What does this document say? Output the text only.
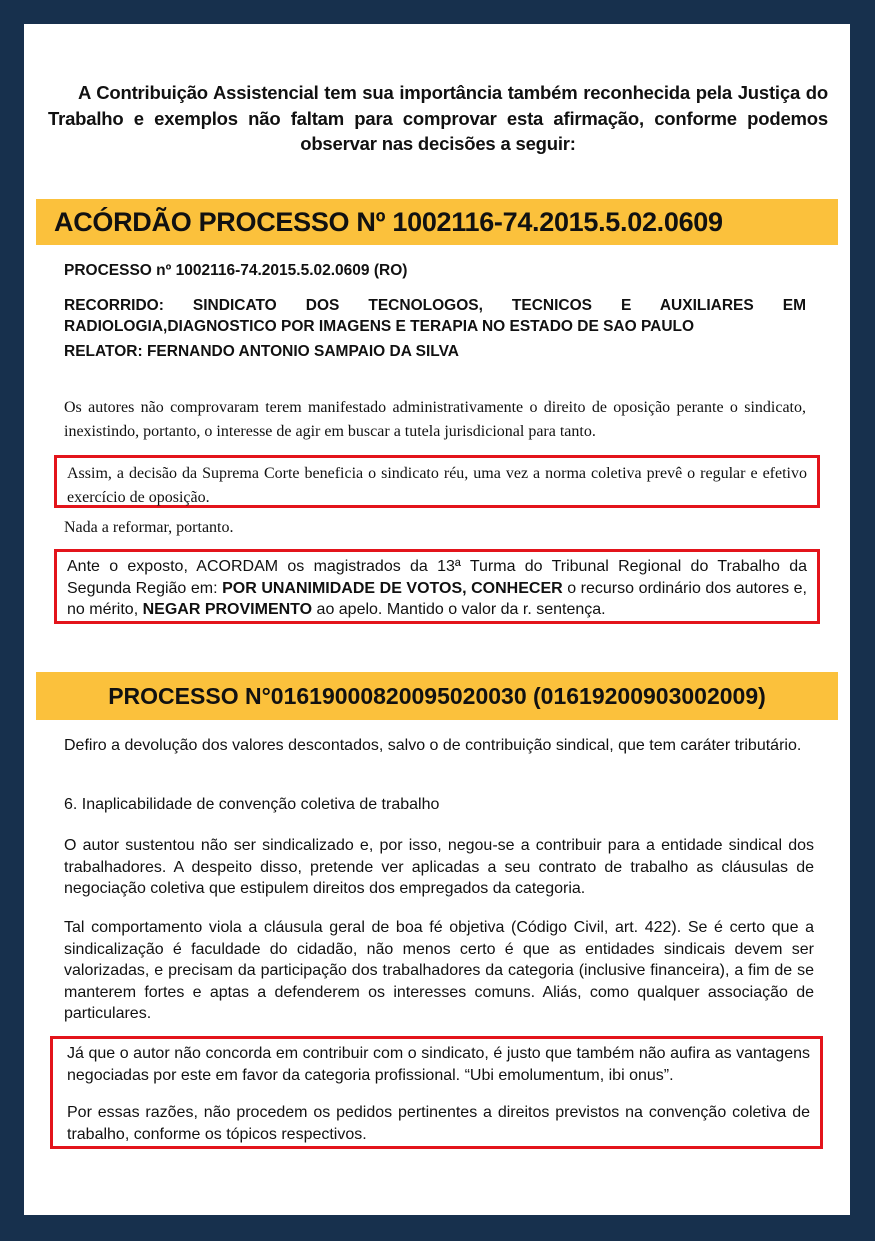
A Contribuição Assistencial tem sua importância também reconhecida pela Justiça do Trabalho e exemplos não faltam para comprovar esta afirmação, conforme podemos observar nas decisões a seguir:

ACÓRDÃO PROCESSO Nº 1002116-74.2015.5.02.0609

PROCESSO nº 1002116-74.2015.5.02.0609 (RO)

RECORRIDO: SINDICATO DOS TECNOLOGOS, TECNICOS E AUXILIARES EM RADIOLOGIA,DIAGNOSTICO POR IMAGENS E TERAPIA NO ESTADO DE SAO PAULO

RELATOR: FERNANDO ANTONIO SAMPAIO DA SILVA

Os autores não comprovaram terem manifestado administrativamente o direito de oposição perante o sindicato, inexistindo, portanto, o interesse de agir em buscar a tutela jurisdicional para tanto.

Assim, a decisão da Suprema Corte beneficia o sindicato réu, uma vez a norma coletiva prevê o regular e efetivo exercício de oposição.

Nada a reformar, portanto.

Ante o exposto, ACORDAM os magistrados da 13ª Turma do Tribunal Regional do Trabalho da Segunda Região em: POR UNANIMIDADE DE VOTOS, CONHECER o recurso ordinário dos autores e, no mérito, NEGAR PROVIMENTO ao apelo. Mantido o valor da r. sentença.

PROCESSO N°01619000820095020030 (01619200903002009)

Defiro a devolução dos valores descontados, salvo o de contribuição sindical, que tem caráter tributário.

6. Inaplicabilidade de convenção coletiva de trabalho

O autor sustentou não ser sindicalizado e, por isso, negou-se a contribuir para a entidade sindical dos trabalhadores. A despeito disso, pretende ver aplicadas a seu contrato de trabalho as cláusulas de negociação coletiva que estipulem direitos dos empregados da categoria.

Tal comportamento viola a cláusula geral de boa fé objetiva (Código Civil, art. 422). Se é certo que a sindicalização é faculdade do cidadão, não menos certo é que as entidades sindicais devem ser valorizadas, e precisam da participação dos trabalhadores da categoria (inclusive financeira), a fim de se manterem fortes e aptas a defenderem os interesses comuns. Aliás, como qualquer associação de particulares.

Já que o autor não concorda em contribuir com o sindicato, é justo que também não aufira as vantagens negociadas por este em favor da categoria profissional. “Ubi emolumentum, ibi onus”.

Por essas razões, não procedem os pedidos pertinentes a direitos previstos na convenção coletiva de trabalho, conforme os tópicos respectivos.
